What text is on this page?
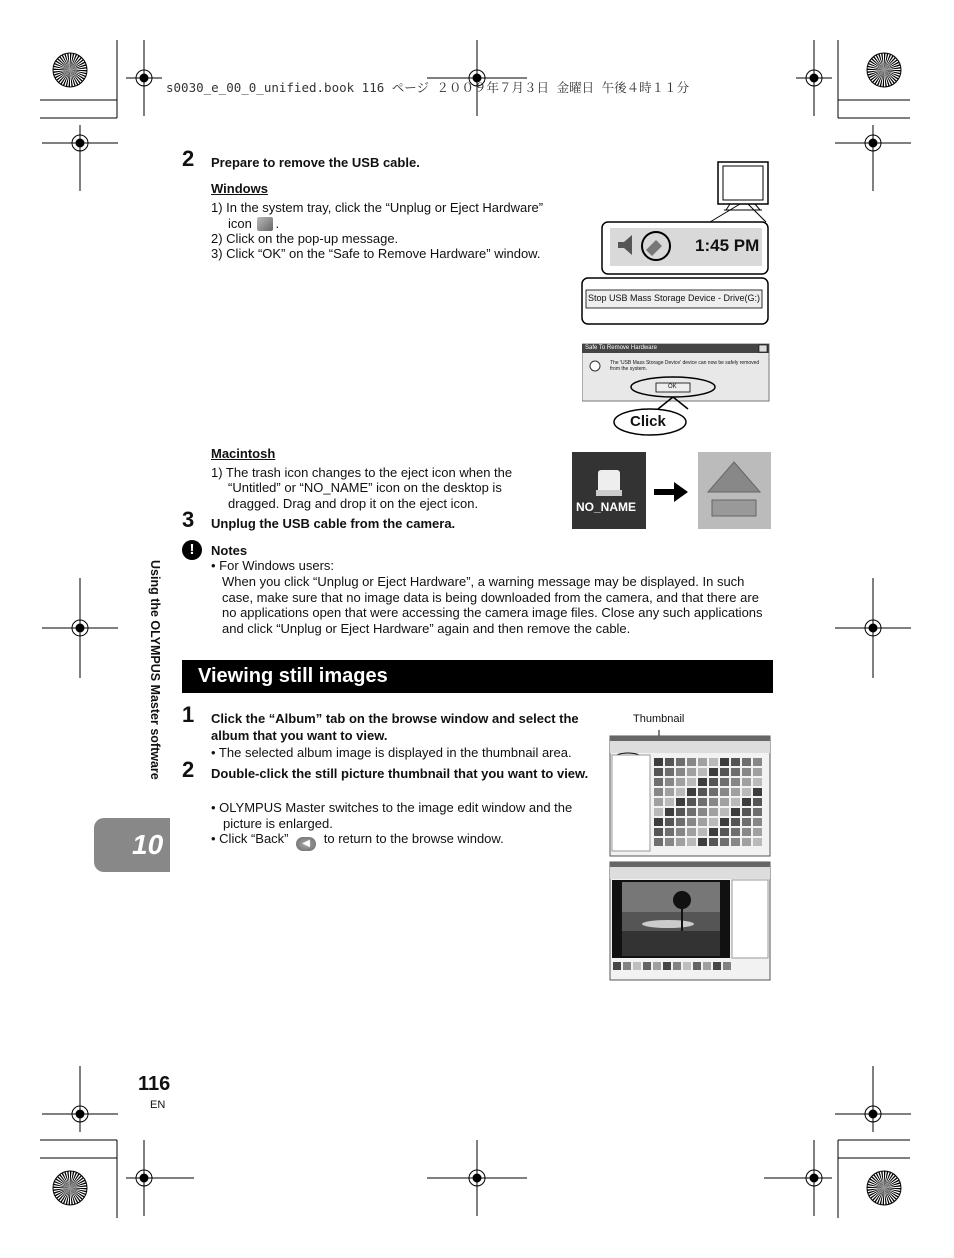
s0030_e_00_0_unified.book 116 ページ ２００９年７月３日 金曜日 午後４時１１分
2 Prepare to remove the USB cable.
Windows
1) In the system tray, click the “Unplug or Eject Hardware”
icon .
2) Click on the pop-up message.
3) Click “OK” on the “Safe to Remove Hardware” window.	1:45 PM
Stop USB Mass Storage Device - Drive(G:)
Safe To Remove Hardware
The 'USB Mass Storage Device' device can now be safely removed from the system.
OK
Click
Macintosh
1) The trash icon changes to the eject icon when the
“Untitled” or “NO_NAME” icon on the desktop is
dragged. Drag and drop it on the eject icon.	NO_NAME
3 Unplug the USB cable from the camera.
!	Notes
• For Windows users:
When you click “Unplug or Eject Hardware”, a warning message may be displayed. In such case, make sure that no image data is being downloaded from the camera, and that there are no applications open that were accessing the camera image files. Close any such applications and click “Unplug or Eject Hardware” again and then remove the cable.
Viewing still images
1 Click the “Album” tab on the browse window and select the album that you want to view.
• The selected album image is displayed in the thumbnail area.
2 Double-click the still picture thumbnail that you want to view.
• OLYMPUS Master switches to the image edit window and the picture is enlarged.
• Click “Back” ◀ to return to the browse window.
Thumbnail
Using the OLYMPUS Master software
10
116
EN
